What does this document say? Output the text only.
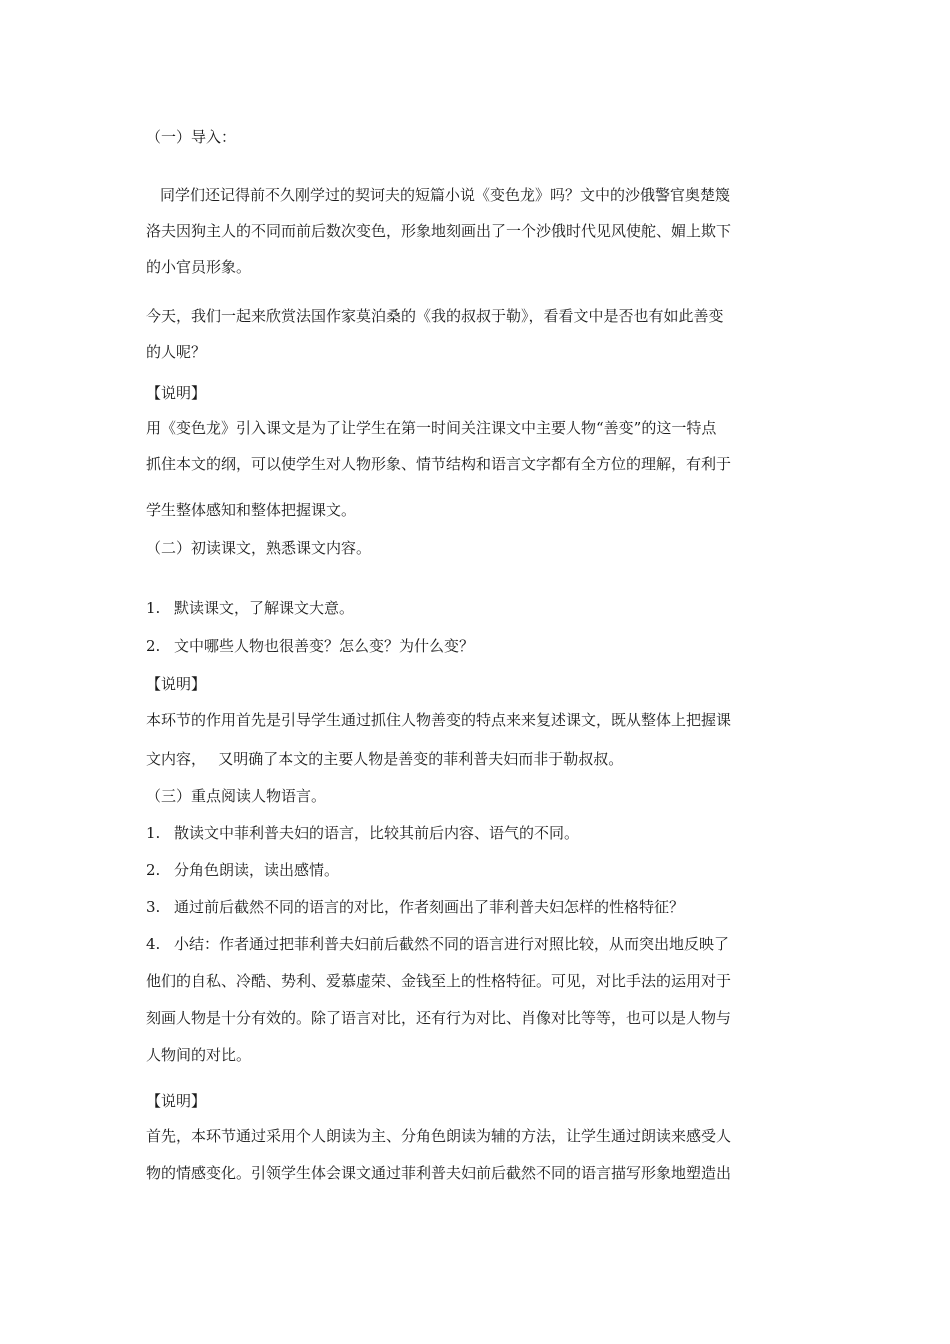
（一）导入：
同学们还记得前不久刚学过的契诃夫的短篇小说《变色龙》吗？文中的沙俄警官奥楚篾
洛夫因狗主人的不同而前后数次变色，形象地刻画出了一个沙俄时代见风使舵、媚上欺下
的小官员形象。
今天，我们一起来欣赏法国作家莫泊桑的《我的叔叔于勒》，看看文中是否也有如此善变
的人呢？
【说明】
用《变色龙》引入课文是为了让学生在第一时间关注课文中主要人物“善变”的这一特点
抓住本文的纲，可以使学生对人物形象、情节结构和语言文字都有全方位的理解，有利于
学生整体感知和整体把握课文。
（二）初读课文，熟悉课文内容。
1. 默读课文，了解课文大意。
2. 文中哪些人物也很善变？怎么变？为什么变？
【说明】
本环节的作用首先是引导学生通过抓住人物善变的特点来来复述课文，既从整体上把握课
文内容，　 又明确了本文的主要人物是善变的菲利普夫妇而非于勒叔叔。
（三）重点阅读人物语言。
1. 散读文中菲利普夫妇的语言，比较其前后内容、语气的不同。
2. 分角色朗读，读出感情。
3. 通过前后截然不同的语言的对比，作者刻画出了菲利普夫妇怎样的性格特征？
4. 小结：作者通过把菲利普夫妇前后截然不同的语言进行对照比较，从而突出地反映了
他们的自私、冷酷、势利、爱慕虚荣、金钱至上的性格特征。可见，对比手法的运用对于
刻画人物是十分有效的。除了语言对比，还有行为对比、肖像对比等等，也可以是人物与
人物间的对比。
【说明】
首先，本环节通过采用个人朗读为主、分角色朗读为辅的方法，让学生通过朗读来感受人
物的情感变化。引领学生体会课文通过菲利普夫妇前后截然不同的语言描写形象地塑造出
